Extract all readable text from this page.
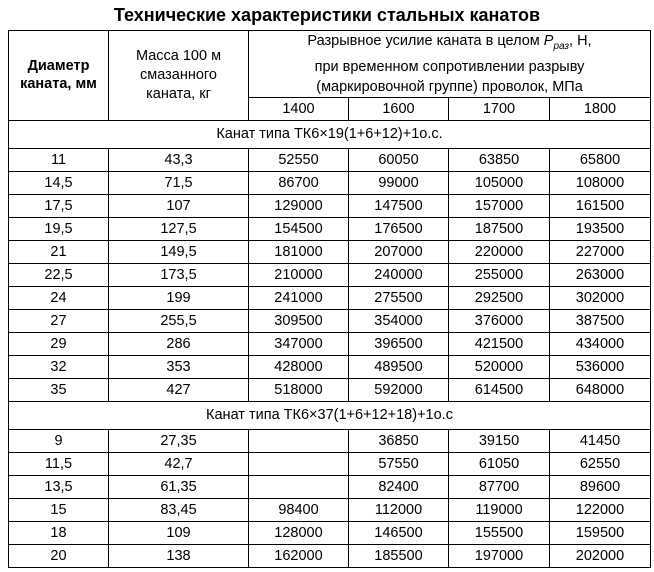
Технические характеристики стальных канатов
Диаметр каната, мм	Масса 100 м смазанного каната, кг	Разрывное усилие каната в целом $P_{раз}$, Н,
при временном сопротивлении разрыву
(маркировочной группе) проволок, МПа			
		1400	1600	1700	1800
Канат типа ТК6×19(1+6+12)+1о.с.					
11	43,3	52550	60050	63850	65800
14,5	71,5	86700	99000	105000	108000
17,5	107	129000	147500	157000	161500
19,5	127,5	154500	176500	187500	193500
21	149,5	181000	207000	220000	227000
22,5	173,5	210000	240000	255000	263000
24	199	241000	275500	292500	302000
27	255,5	309500	354000	376000	387500
29	286	347000	396500	421500	434000
32	353	428000	489500	520000	536000
35	427	518000	592000	614500	648000
Канат типа ТК6×37(1+6+12+18)+1о.с					
9	27,35		36850	39150	41450
11,5	42,7		57550	61050	62550
13,5	61,35		82400	87700	89600
15	83,45	98400	112000	119000	122000
18	109	128000	146500	155500	159500
20	138	162000	185500	197000	202000
